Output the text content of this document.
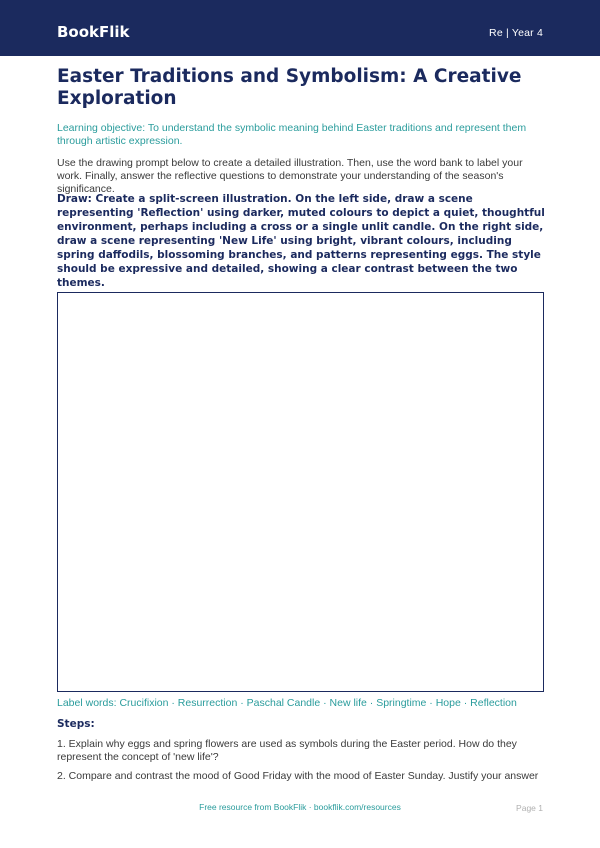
BookFlik	Re | Year 4
Easter Traditions and Symbolism: A Creative Exploration

Learning objective: To understand the symbolic meaning behind Easter traditions and represent them through artistic expression.

Use the drawing prompt below to create a detailed illustration. Then, use the word bank to label your work. Finally, answer the reflective questions to demonstrate your understanding of the season's significance.

Draw: Create a split-screen illustration. On the left side, draw a scene representing 'Reflection' using darker, muted colours to depict a quiet, thoughtful environment, perhaps including a cross or a single unlit candle. On the right side, draw a scene representing 'New Life' using bright, vibrant colours, including spring daffodils, blossoming branches, and patterns representing eggs. The style should be expressive and detailed, showing a clear contrast between the two themes.

Label words: Crucifixion · Resurrection · Paschal Candle · New life · Springtime · Hope · Reflection

Steps:
1. Explain why eggs and spring flowers are used as symbols during the Easter period. How do they represent the concept of 'new life'?
2. Compare and contrast the mood of Good Friday with the mood of Easter Sunday. Justify your answer
Free resource from BookFlik · bookflik.com/resources	Page 1
